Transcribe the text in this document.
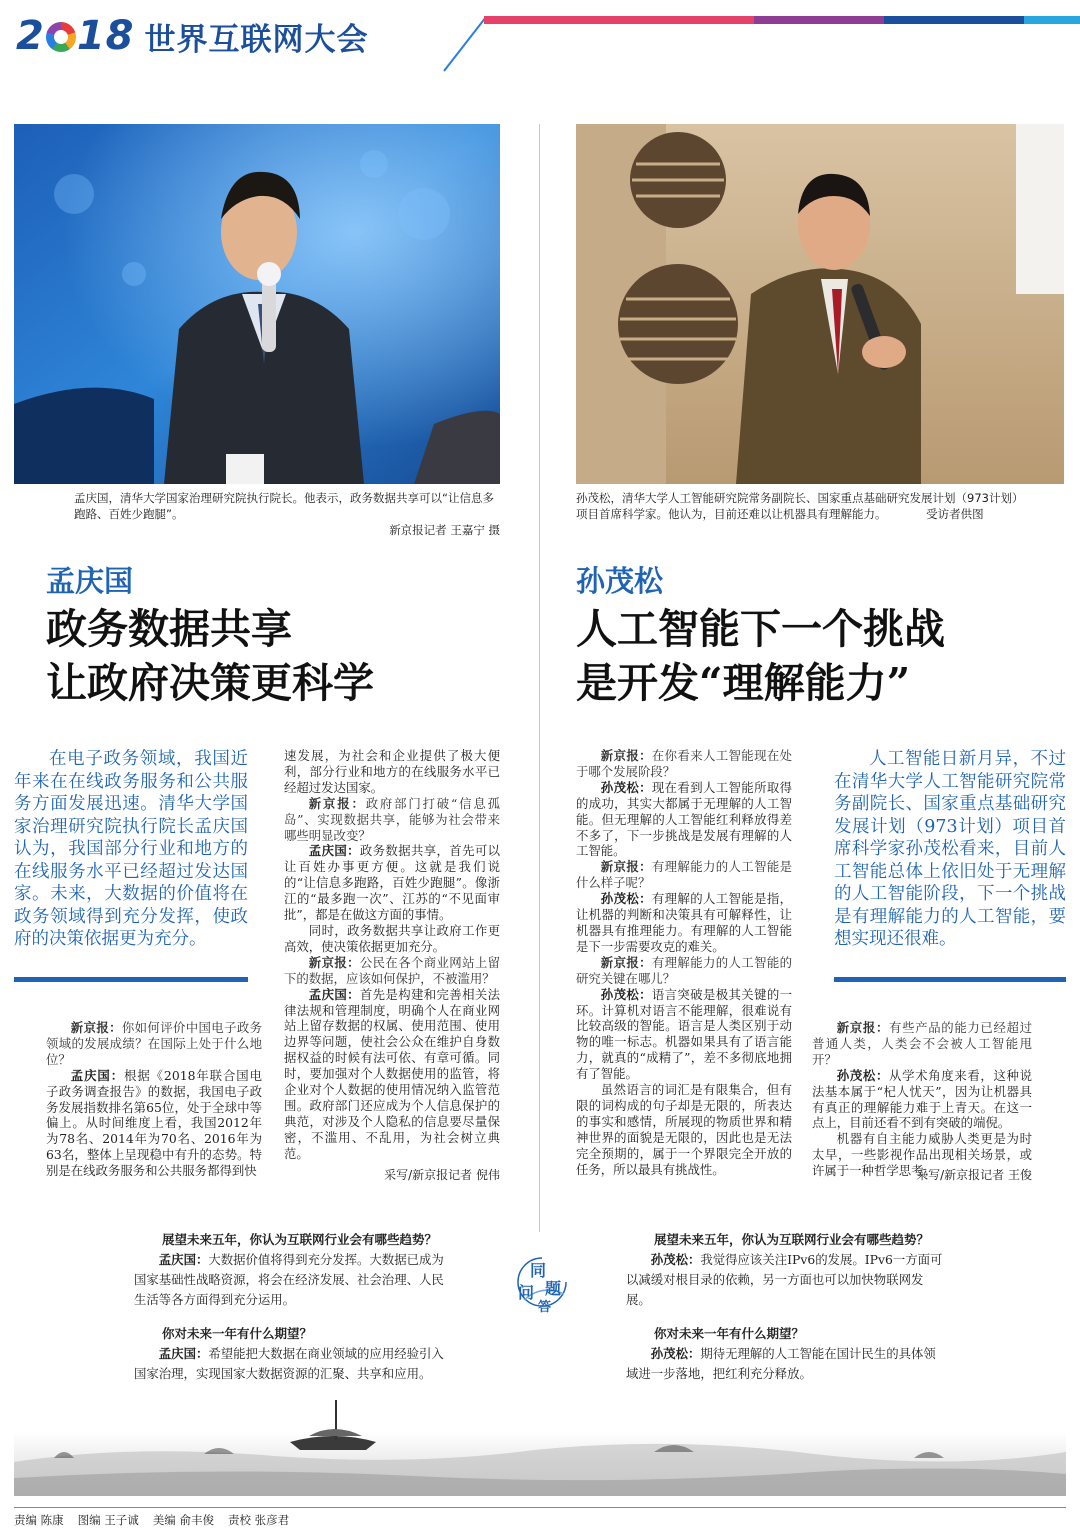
2 18 世界互联网大会
孟庆国，清华大学国家治理研究院执行院长。他表示，政务数据共享可以“让信息多跑路、百姓少跑腿”。
新京报记者 王嘉宁 摄
孙茂松，清华大学人工智能研究院常务副院长、国家重点基础研究发展计划（973计划）项目首席科学家。他认为，目前还难以让机器具有理解能力。	受访者供图
孟庆国
政务数据共享
让政府决策更科学
孙茂松
人工智能下一个挑战
是开发“理解能力”

在电子政务领域，我国近年来在在线政务服务和公共服务方面发展迅速。清华大学国家治理研究院执行院长孟庆国认为，我国部分行业和地方的在线服务水平已经超过发达国家。未来，大数据的价值将在政务领域得到充分发挥，使政府的决策依据更为充分。

新京报：你如何评价中国电子政务领域的发展成绩？在国际上处于什么地位？

孟庆国：根据《2018年联合国电子政务调查报告》的数据，我国电子政务发展指数排名第65位，处于全球中等偏上。从时间维度上看，我国2012年为78名、2014年为70名、2016年为63名，整体上呈现稳中有升的态势。特别是在线政务服务和公共服务都得到快

速发展，为社会和企业提供了极大便利，部分行业和地方的在线服务水平已经超过发达国家。

新京报：政府部门打破“信息孤岛”、实现数据共享，能够为社会带来哪些明显改变？

孟庆国：政务数据共享，首先可以让百姓办事更方便。这就是我们说的“让信息多跑路，百姓少跑腿”。像浙江的“最多跑一次”、江苏的“不见面审批”，都是在做这方面的事情。

同时，政务数据共享让政府工作更高效，使决策依据更加充分。

新京报：公民在各个商业网站上留下的数据，应该如何保护，不被滥用？

孟庆国：首先是构建和完善相关法律法规和管理制度，明确个人在商业网站上留存数据的权属、使用范围、使用边界等问题，使社会公众在维护自身数据权益的时候有法可依、有章可循。同时，要加强对个人数据使用的监管，将企业对个人数据的使用情况纳入监管范围。政府部门还应成为个人信息保护的典范，对涉及个人隐私的信息要尽量保密，不滥用、不乱用，为社会树立典范。

采写/新京报记者 倪伟

新京报：在你看来人工智能现在处于哪个发展阶段？

孙茂松：现在看到人工智能所取得的成功，其实大都属于无理解的人工智能。但无理解的人工智能红利释放得差不多了，下一步挑战是发展有理解的人工智能。

新京报：有理解能力的人工智能是什么样子呢？

孙茂松：有理解的人工智能是指，让机器的判断和决策具有可解释性，让机器具有推理能力。有理解的人工智能是下一步需要攻克的难关。

新京报：有理解能力的人工智能的研究关键在哪儿？

孙茂松：语言突破是极其关键的一环。计算机对语言不能理解，很难说有比较高级的智能。语言是人类区别于动物的唯一标志。机器如果具有了语言能力，就真的“成精了”，差不多彻底地拥有了智能。

虽然语言的词汇是有限集合，但有限的词构成的句子却是无限的，所表达的事实和感情，所展现的物质世界和精神世界的面貌是无限的，因此也是无法完全预期的，属于一个界限完全开放的任务，所以最具有挑战性。

人工智能日新月异，不过在清华大学人工智能研究院常务副院长、国家重点基础研究发展计划（973计划）项目首席科学家孙茂松看来，目前人工智能总体上依旧处于无理解的人工智能阶段，下一个挑战是有理解能力的人工智能，要想实现还很难。

新京报：有些产品的能力已经超过普通人类，人类会不会被人工智能甩开？

孙茂松：从学术角度来看，这种说法基本属于“杞人忧天”，因为让机器具有真正的理解能力难于上青天。在这一点上，目前还看不到有突破的端倪。

机器有自主能力威胁人类更是为时太早，一些影视作品出现相关场景，或许属于一种哲学思考。

采写/新京报记者 王俊
展望未来五年，你认为互联网行业会有哪些趋势？

孟庆国：大数据价值将得到充分发挥。大数据已成为国家基础性战略资源，将会在经济发展、社会治理、人民生活等各方面得到充分运用。

你对未来一年有什么期望？

孟庆国：希望能把大数据在商业领域的应用经验引入国家治理，实现国家大数据资源的汇聚、共享和应用。

同
问 题
答
展望未来五年，你认为互联网行业会有哪些趋势？

孙茂松：我觉得应该关注IPv6的发展。IPv6一方面可以减缓对根目录的依赖，另一方面也可以加快物联网发展。

你对未来一年有什么期望？

孙茂松：期待无理解的人工智能在国计民生的具体领域进一步落地，把红利充分释放。

责编 陈康 图编 王子诚 美编 俞丰俊 责校 张彦君
